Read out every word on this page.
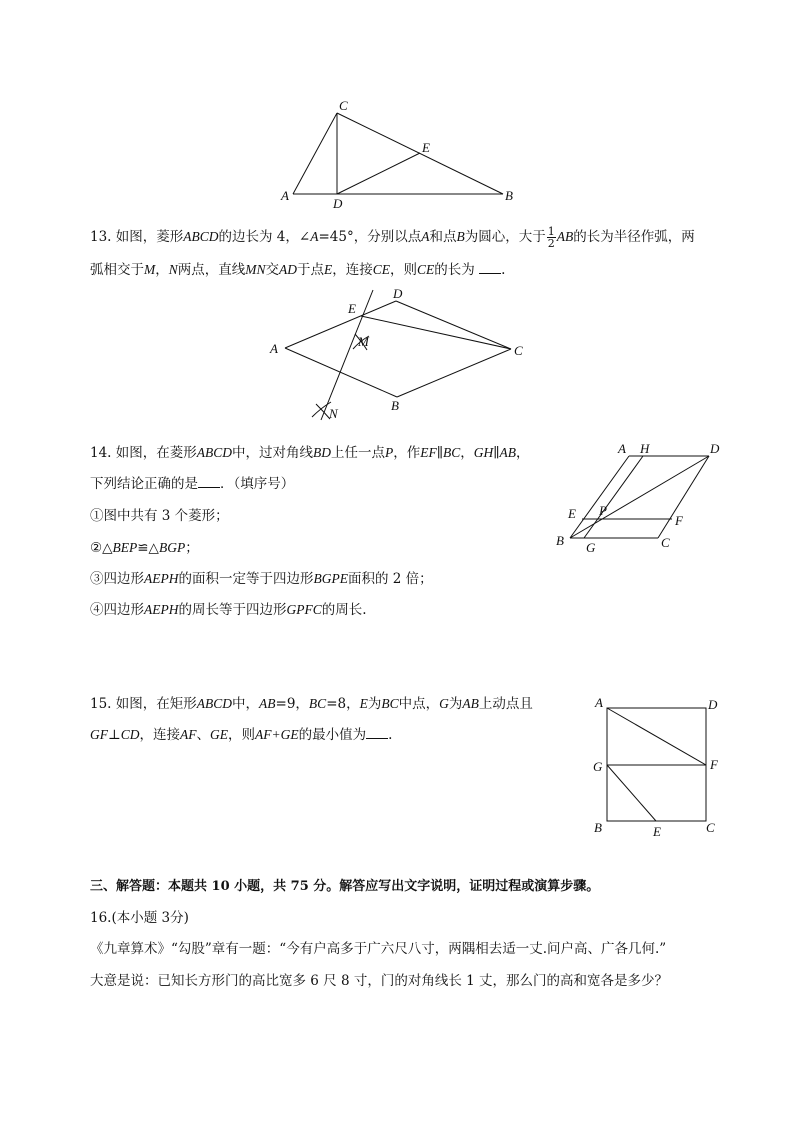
C
A
D
E
B
13. 如图，菱形ABCD的边长为 4，∠A=45°，分别以点A和点B为圆心，大于 $\frac{1}{2}$ AB的长为半径作弧，两
弧相交于M，N两点，直线MN交AD于点E，连接CE，则CE的长为 .
D
E
M
A	C
B
N
14. 如图，在菱形ABCD中，过对角线BD上任一点P，作EF∥BC，GH∥AB，
下列结论正确的是 ．（填序号）
①图中共有 3 个菱形；
②△BEP≌△BGP；
③四边形AEPH的面积一定等于四边形BGPE面积的 2 倍；
④四边形AEPH的周长等于四边形GPFC的周长.
A H	D
E P
F
B G	C
15. 如图，在矩形ABCD中，AB=9，BC=8，E为BC中点，G为AB上动点且
GF⊥CD，连接AF、GE，则AF+GE的最小值为 .
A	D
G	F
B	E	C
三、解答题：本题共 10 小题，共 75 分。解答应写出文字说明，证明过程或演算步骤。
16.(本小题 3分)
《九章算术》“勾股”章有一题：“今有户高多于广六尺八寸，两隅相去适一丈.问户高、广各几何.”
大意是说：已知长方形门的高比宽多 6 尺 8 寸，门的对角线长 1 丈，那么门的高和宽各是多少？
